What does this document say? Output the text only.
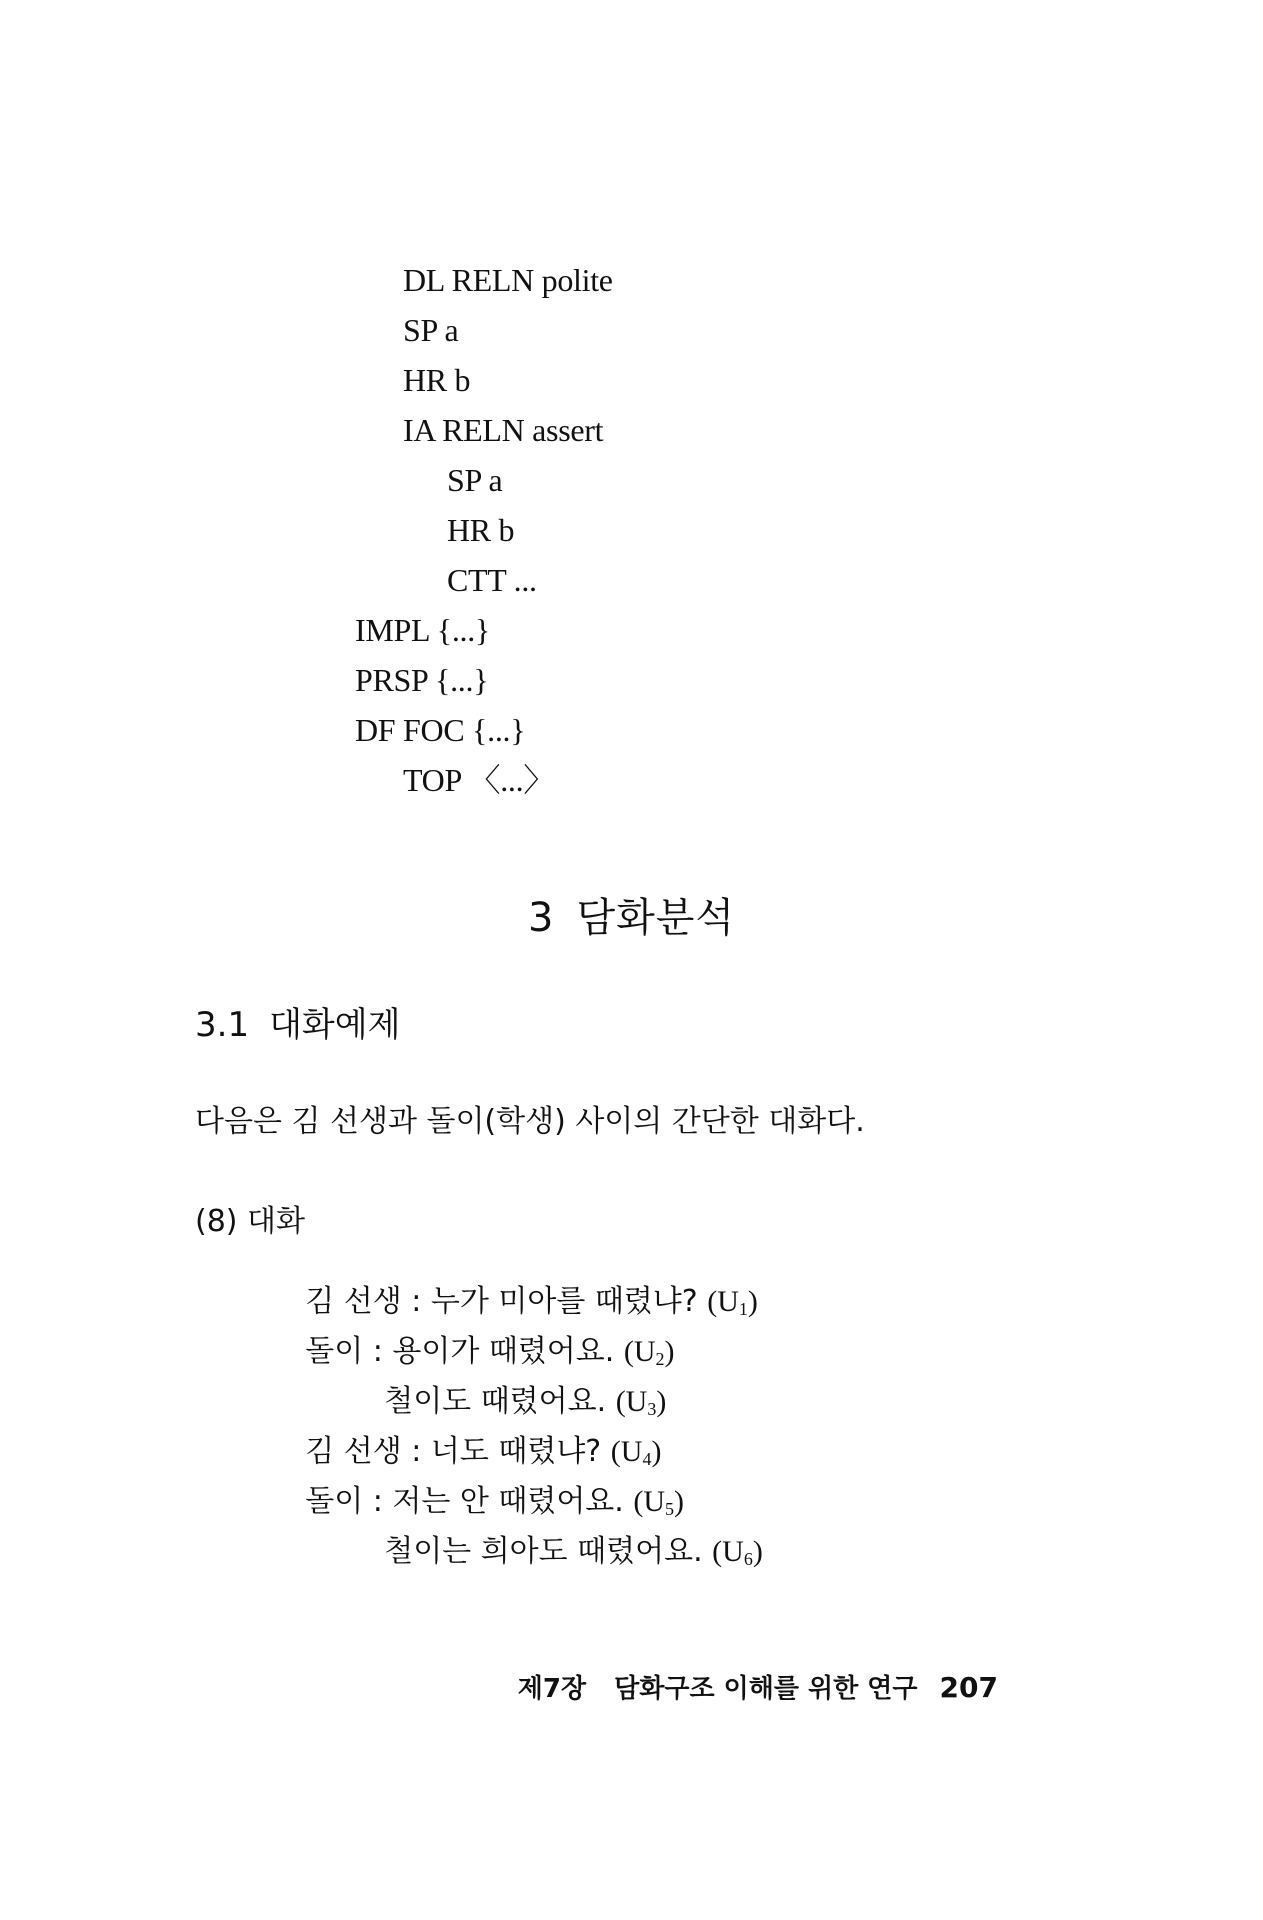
DL RELN polite
SP a
HR b
IA RELN assert
SP a
HR b
CTT ...
IMPL {...}
PRSP {...}
DF FOC {...}
TOP 〈...〉
3 담화분석
3.1 대화예제
다음은 김 선생과 돌이(학생) 사이의 간단한 대화다.
(8) 대화

김 선생 : 누가 미아를 때렸냐? $(U_1)$

돌이 : 용이가 때렸어요. $(U_2)$

철이도 때렸어요. $(U_3)$

김 선생 : 너도 때렸냐? $(U_4)$

돌이 : 저는 안 때렸어요. $(U_5)$

철이는 희아도 때렸어요. $(U_6)$

제7장 담화구조 이해를 위한 연구 207
